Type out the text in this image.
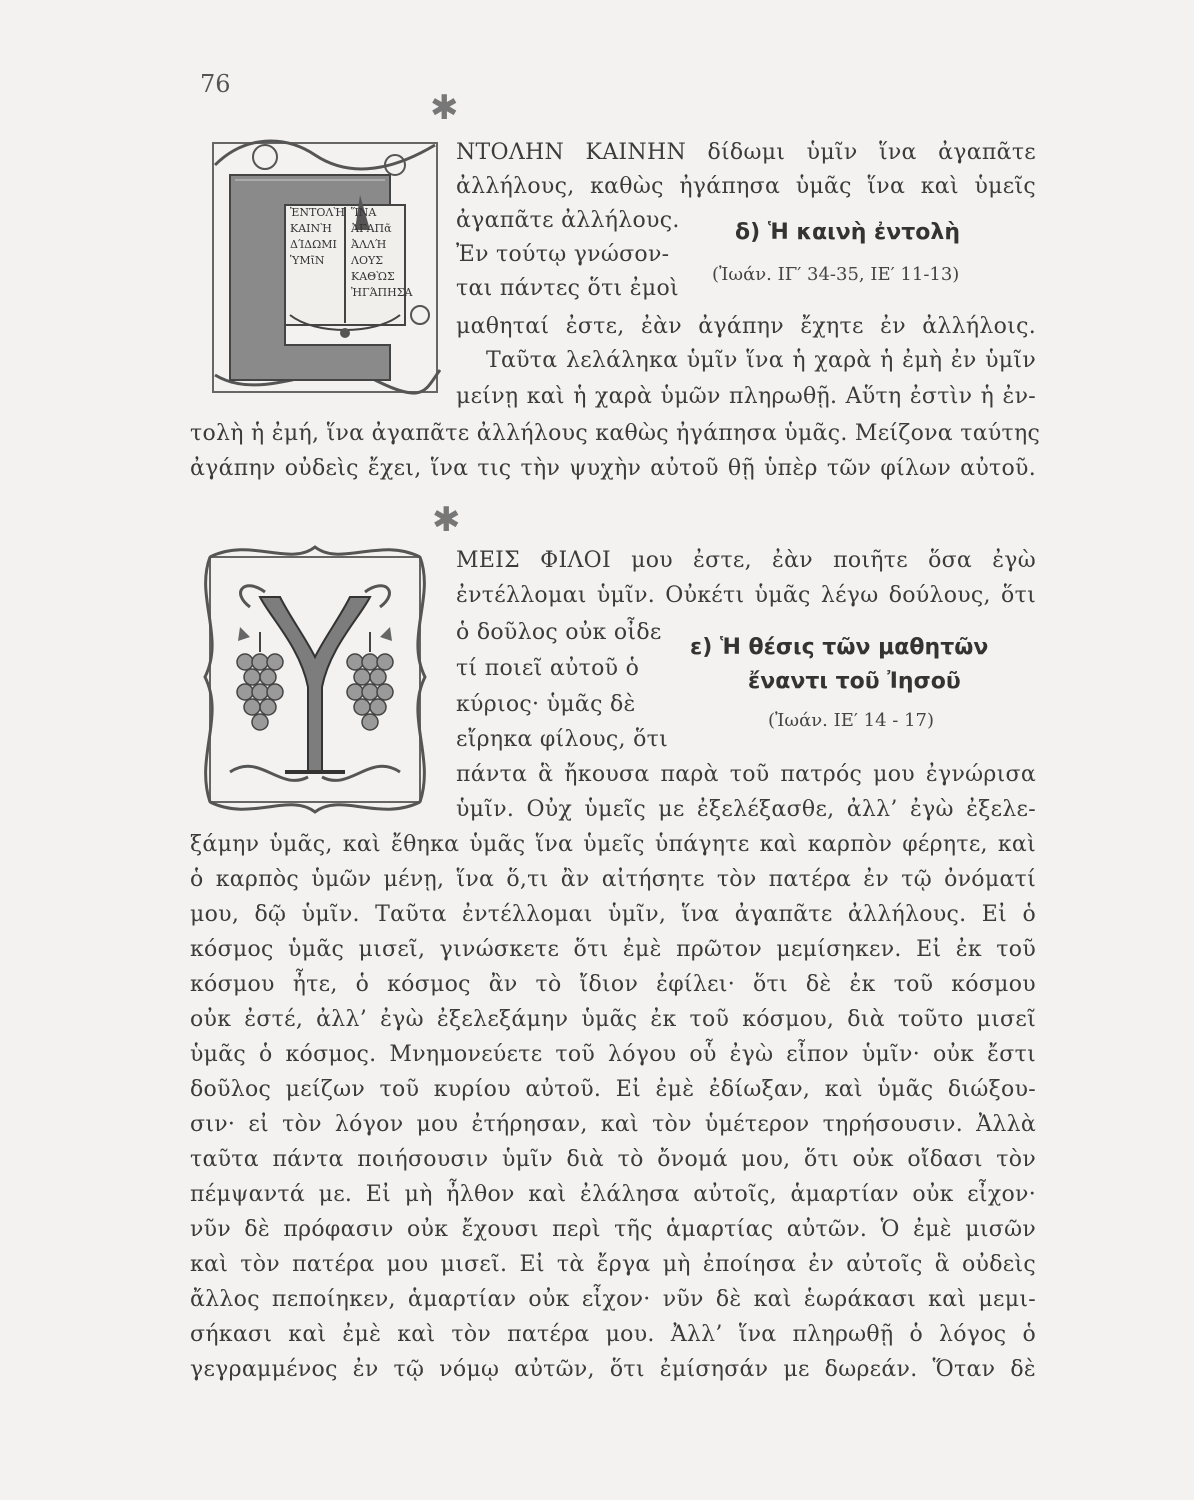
76
✱
✱
ἘΝΤΟΛῊ ἽΝΑ
ΚΑΙΝῊ	ἈΓΑΠᾶ
ΔΊΔΩΜΙ	ἈΛΛΉ
ὙΜῖΝ	ΛΟΥΣ
ΚΑΘῺΣ
ἨΓΆΠΗΣΑ
ΝΤΟΛΗΝ ΚΑΙΝΗΝ δίδωμι ὑμῖν ἵνα ἀγαπᾶτε
ἀλλήλους, καθὼς ἠγάπησα ὑμᾶς ἵνα καὶ ὑμεῖς
ἀγαπᾶτε ἀλλήλους.	δ) Ἡ καινὴ ἐντολὴ
Ἐν τούτῳ γνώσον-
(Ἰωάν. ΙΓ′ 34-35, ΙΕ′ 11-13)
ται πάντες ὅτι ἐμοὶ
μαθηταί ἐστε, ἐὰν ἀγάπην ἔχητε ἐν ἀλλήλοις.
Ταῦτα λελάληκα ὑμῖν ἵνα ἡ χαρὰ ἡ ἐμὴ ἐν ὑμῖν
μείνῃ καὶ ἡ χαρὰ ὑμῶν πληρωθῇ. Αὕτη ἐστὶν ἡ ἐν-
τολὴ ἡ ἐμή, ἵνα ἀγαπᾶτε ἀλλήλους καθὼς ἠγάπησα ὑμᾶς. Μείζονα ταύτης
ἀγάπην οὐδεὶς ἔχει, ἵνα τις τὴν ψυχὴν αὐτοῦ θῇ ὑπὲρ τῶν φίλων αὐτοῦ.
ΜΕΙΣ ΦΙΛΟΙ μου ἐστε, ἐὰν ποιῆτε ὅσα ἐγὼ
ἐντέλλομαι ὑμῖν. Οὐκέτι ὑμᾶς λέγω δούλους, ὅτι
ὁ δοῦλος οὐκ οἶδε
ε) Ἡ θέσις τῶν μαθητῶν
τί ποιεῖ αὐτοῦ ὁ
ἔναντι τοῦ Ἰησοῦ
κύριος· ὑμᾶς δὲ
(Ἰωάν. ΙΕ′ 14 - 17)
εἴρηκα φίλους, ὅτι
πάντα ἃ ἤκουσα παρὰ τοῦ πατρός μου ἐγνώρισα
ὑμῖν. Οὐχ ὑμεῖς με ἐξελέξασθε, ἀλλ’ ἐγὼ ἐξελε-
ξάμην ὑμᾶς, καὶ ἔθηκα ὑμᾶς ἵνα ὑμεῖς ὑπάγητε καὶ καρπὸν φέρητε, καὶ
ὁ καρπὸς ὑμῶν μένῃ, ἵνα ὅ,τι ἂν αἰτήσητε τὸν πατέρα ἐν τῷ ὀνόματί
μου, δῷ ὑμῖν. Ταῦτα ἐντέλλομαι ὑμῖν, ἵνα ἀγαπᾶτε ἀλλήλους. Εἰ ὁ
κόσμος ὑμᾶς μισεῖ, γινώσκετε ὅτι ἐμὲ πρῶτον μεμίσηκεν. Εἰ ἐκ τοῦ
κόσμου ἦτε, ὁ κόσμος ἂν τὸ ἴδιον ἐφίλει· ὅτι δὲ ἐκ τοῦ κόσμου
οὐκ ἐστέ, ἀλλ’ ἐγὼ ἐξελεξάμην ὑμᾶς ἐκ τοῦ κόσμου, διὰ τοῦτο μισεῖ
ὑμᾶς ὁ κόσμος. Μνημονεύετε τοῦ λόγου οὗ ἐγὼ εἶπον ὑμῖν· οὐκ ἔστι
δοῦλος μείζων τοῦ κυρίου αὐτοῦ. Εἰ ἐμὲ ἐδίωξαν, καὶ ὑμᾶς διώξου-
σιν· εἰ τὸν λόγον μου ἐτήρησαν, καὶ τὸν ὑμέτερον τηρήσουσιν. Ἀλλὰ
ταῦτα πάντα ποιήσουσιν ὑμῖν διὰ τὸ ὄνομά μου, ὅτι οὐκ οἴδασι τὸν
πέμψαντά με. Εἰ μὴ ἦλθον καὶ ἐλάλησα αὐτοῖς, ἁμαρτίαν οὐκ εἶχον·
νῦν δὲ πρόφασιν οὐκ ἔχουσι περὶ τῆς ἁμαρτίας αὐτῶν. Ὁ ἐμὲ μισῶν
καὶ τὸν πατέρα μου μισεῖ. Εἰ τὰ ἔργα μὴ ἐποίησα ἐν αὐτοῖς ἃ οὐδεὶς
ἄλλος πεποίηκεν, ἁμαρτίαν οὐκ εἶχον· νῦν δὲ καὶ ἑωράκασι καὶ μεμι-
σήκασι καὶ ἐμὲ καὶ τὸν πατέρα μου. Ἀλλ’ ἵνα πληρωθῇ ὁ λόγος ὁ
γεγραμμένος ἐν τῷ νόμῳ αὐτῶν, ὅτι ἐμίσησάν με δωρεάν. Ὅταν δὲ
